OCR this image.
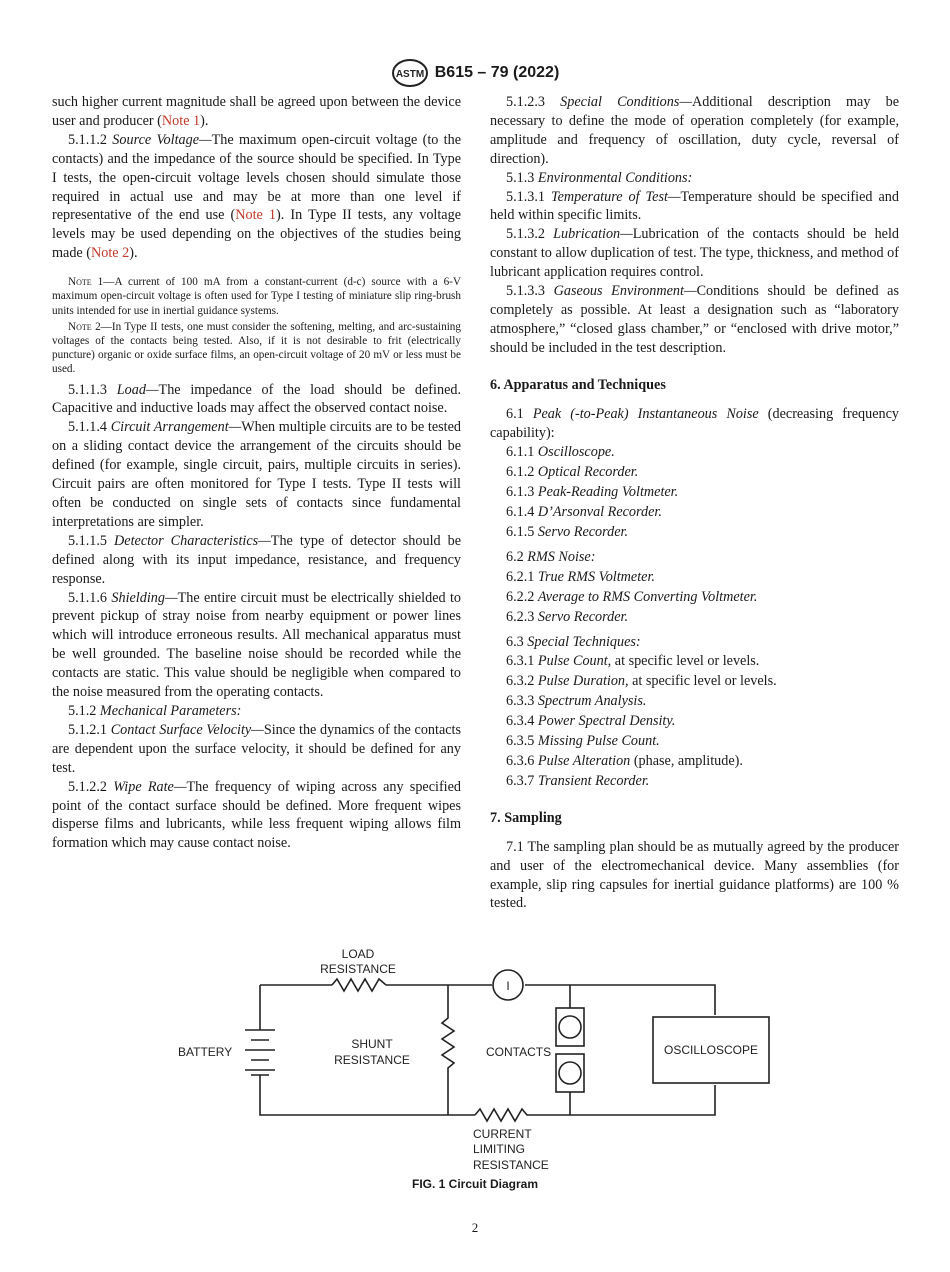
ASTM B615 – 79 (2022)

such higher current magnitude shall be agreed upon between the device user and producer (Note 1).

5.1.1.2 Source Voltage—The maximum open-circuit voltage (to the contacts) and the impedance of the source should be specified. In Type I tests, the open-circuit voltage levels chosen should simulate those required in actual use and may be at more than one level if representative of the end use (Note 1). In Type II tests, any voltage levels may be used depending on the objectives of the studies being made (Note 2).

Note 1—A current of 100 mA from a constant-current (d-c) source with a 6-V maximum open-circuit voltage is often used for Type I testing of miniature slip ring-brush units intended for use in inertial guidance systems.

Note 2—In Type II tests, one must consider the softening, melting, and arc-sustaining voltages of the contacts being tested. Also, if it is not desirable to frit (electrically puncture) organic or oxide surface films, an open-circuit voltage of 20 mV or less must be used.

5.1.1.3 Load—The impedance of the load should be defined. Capacitive and inductive loads may affect the observed contact noise.

5.1.1.4 Circuit Arrangement—When multiple circuits are to be tested on a sliding contact device the arrangement of the circuits should be defined (for example, single circuit, pairs, multiple circuits in series). Circuit pairs are often monitored for Type I tests. Type II tests will often be conducted on single sets of contacts since fundamental interpretations are simpler.

5.1.1.5 Detector Characteristics—The type of detector should be defined along with its input impedance, resistance, and frequency response.

5.1.1.6 Shielding—The entire circuit must be electrically shielded to prevent pickup of stray noise from nearby equipment or power lines which will introduce erroneous results. All mechanical apparatus must be well grounded. The baseline noise should be recorded while the contacts are static. This value should be negligible when compared to the noise measured from the operating contacts.

5.1.2 Mechanical Parameters:

5.1.2.1 Contact Surface Velocity—Since the dynamics of the contacts are dependent upon the surface velocity, it should be defined for any test.

5.1.2.2 Wipe Rate—The frequency of wiping across any specified point of the contact surface should be defined. More frequent wipes disperse films and lubricants, while less frequent wiping allows film formation which may cause contact noise.

5.1.2.3 Special Conditions—Additional description may be necessary to define the mode of operation completely (for example, amplitude and frequency of oscillation, duty cycle, reversal of direction).

5.1.3 Environmental Conditions:

5.1.3.1 Temperature of Test—Temperature should be specified and held within specific limits.

5.1.3.2 Lubrication—Lubrication of the contacts should be held constant to allow duplication of test. The type, thickness, and method of lubricant application requires control.

5.1.3.3 Gaseous Environment—Conditions should be defined as completely as possible. At least a designation such as “laboratory atmosphere,” “closed glass chamber,” or “enclosed with drive motor,” should be included in the test description.

6. Apparatus and Techniques

6.1 Peak (-to-Peak) Instantaneous Noise (decreasing frequency capability):

6.1.1 Oscilloscope.

6.1.2 Optical Recorder.

6.1.3 Peak-Reading Voltmeter.

6.1.4 D’Arsonval Recorder.

6.1.5 Servo Recorder.

6.2 RMS Noise:

6.2.1 True RMS Voltmeter.

6.2.2 Average to RMS Converting Voltmeter.

6.2.3 Servo Recorder.

6.3 Special Techniques:

6.3.1 Pulse Count, at specific level or levels.

6.3.2 Pulse Duration, at specific level or levels.

6.3.3 Spectrum Analysis.

6.3.4 Power Spectral Density.

6.3.5 Missing Pulse Count.

6.3.6 Pulse Alteration (phase, amplitude).

6.3.7 Transient Recorder.

7. Sampling

7.1 The sampling plan should be as mutually agreed by the producer and user of the electromechanical device. Many assemblies (for example, slip ring capsules for inertial guidance platforms) are 100 % tested.

I
LOAD
RESISTANCE
BATTERY
SHUNT
RESISTANCE
CONTACTS	OSCILLOSCOPE
CURRENT
LIMITING
RESISTANCE
FIG. 1 Circuit Diagram
2
